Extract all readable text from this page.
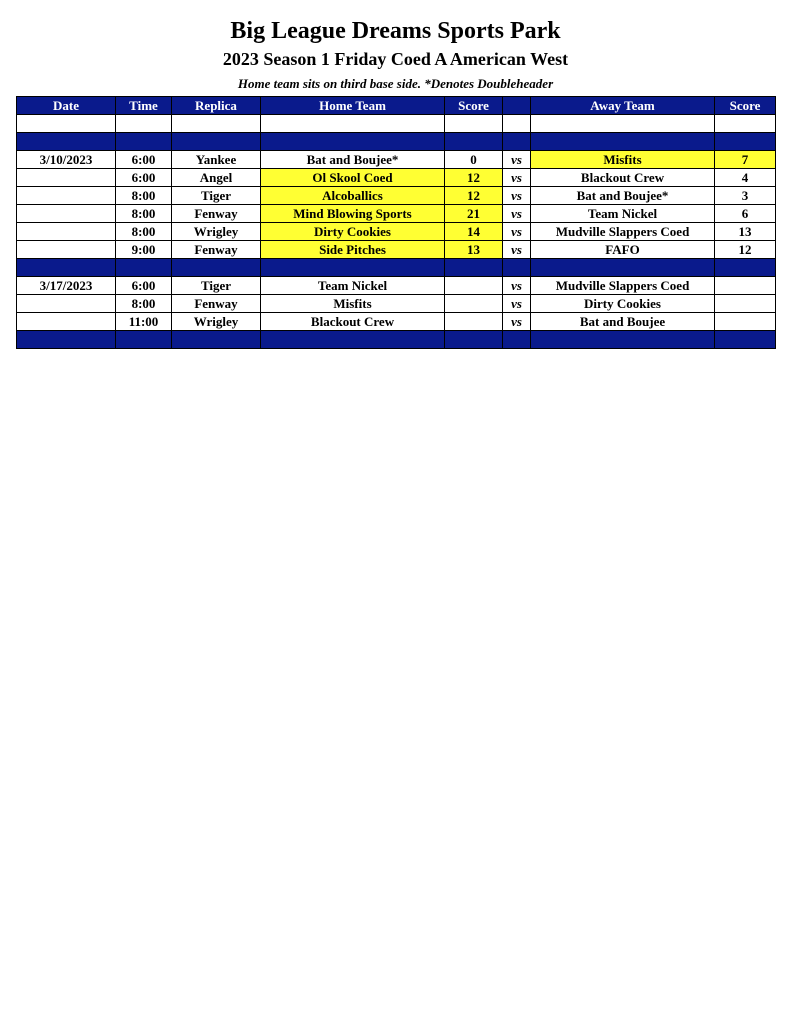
Big League Dreams Sports Park
2023 Season 1 Friday Coed A American West
Home team sits on third base side. *Denotes Doubleheader
Date	Time	Replica	Home Team	Score		Away Team	Score

3/10/2023	6:00	Yankee	Bat and Boujee*	0	vs	Misfits	7
	6:00	Angel	Ol Skool Coed	12	vs	Blackout Crew	4
	8:00	Tiger	Alcoballics	12	vs	Bat and Boujee*	3
	8:00	Fenway	Mind Blowing Sports	21	vs	Team Nickel	6
	8:00	Wrigley	Dirty Cookies	14	vs	Mudville Slappers Coed	13
	9:00	Fenway	Side Pitches	13	vs	FAFO	12

3/17/2023	6:00	Tiger	Team Nickel		vs	Mudville Slappers Coed	
	8:00	Fenway	Misfits		vs	Dirty Cookies	
	11:00	Wrigley	Blackout Crew		vs	Bat and Boujee	
